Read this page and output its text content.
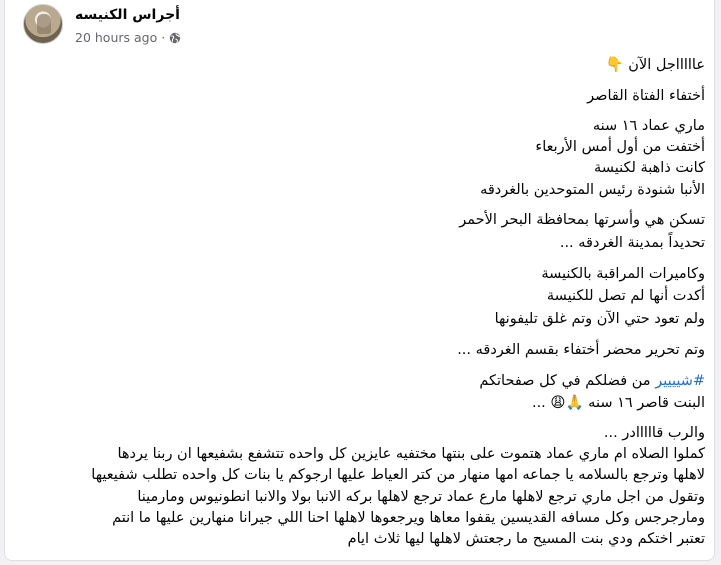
أجراس الكنيسه
20 hours ago ·
عاااااجل الآن 👇
أختفاء الفتاة القاصر
ماري عماد ١٦ سنه
أختفت من أول أمس الأربعاء
كانت ذاهبة لكنيسة
الأنبا شنودة رئيس المتوحدين بالغردقه
تسكن هي وأسرتها بمحافظة البحر الأحمر
تحديداً بمدينة الغردقه ...
وكاميرات المراقبة بالكنيسة
أكدت أنها لم تصل للكنيسة
ولم تعود حتي الآن وتم غلق تليفونها
وتم تحرير محضر أختفاء بقسم الغردقه ...
#شيييير من فضلكم في كل صفحاتكم
البنت قاصر ١٦ سنه 🙏😩 ...
والرب قااااادر ...
كملوا الصلاه ام ماري عماد هتموت على بنتها مختفيه عايزين كل واحده تتشفع بشفيعها ان ربنا يردها
لاهلها وترجع بالسلامه يا جماعه امها منهار من كتر العياط عليها ارجوكم يا بنات كل واحده تطلب شفيعيها
وتقول من اجل ماري ترجع لاهلها مارع عماد ترجع لاهلها بركه الانبا بولا والانبا انطونيوس ومارمينا
ومارجرجس وكل مسافه القديسين يقفوا معاها ويرجعوها لاهلها احنا اللي جيرانا منهارين عليها ما انتم
تعتبر اختكم ودي بنت المسيح ما رجعتش لاهلها ليها ثلاث ايام
